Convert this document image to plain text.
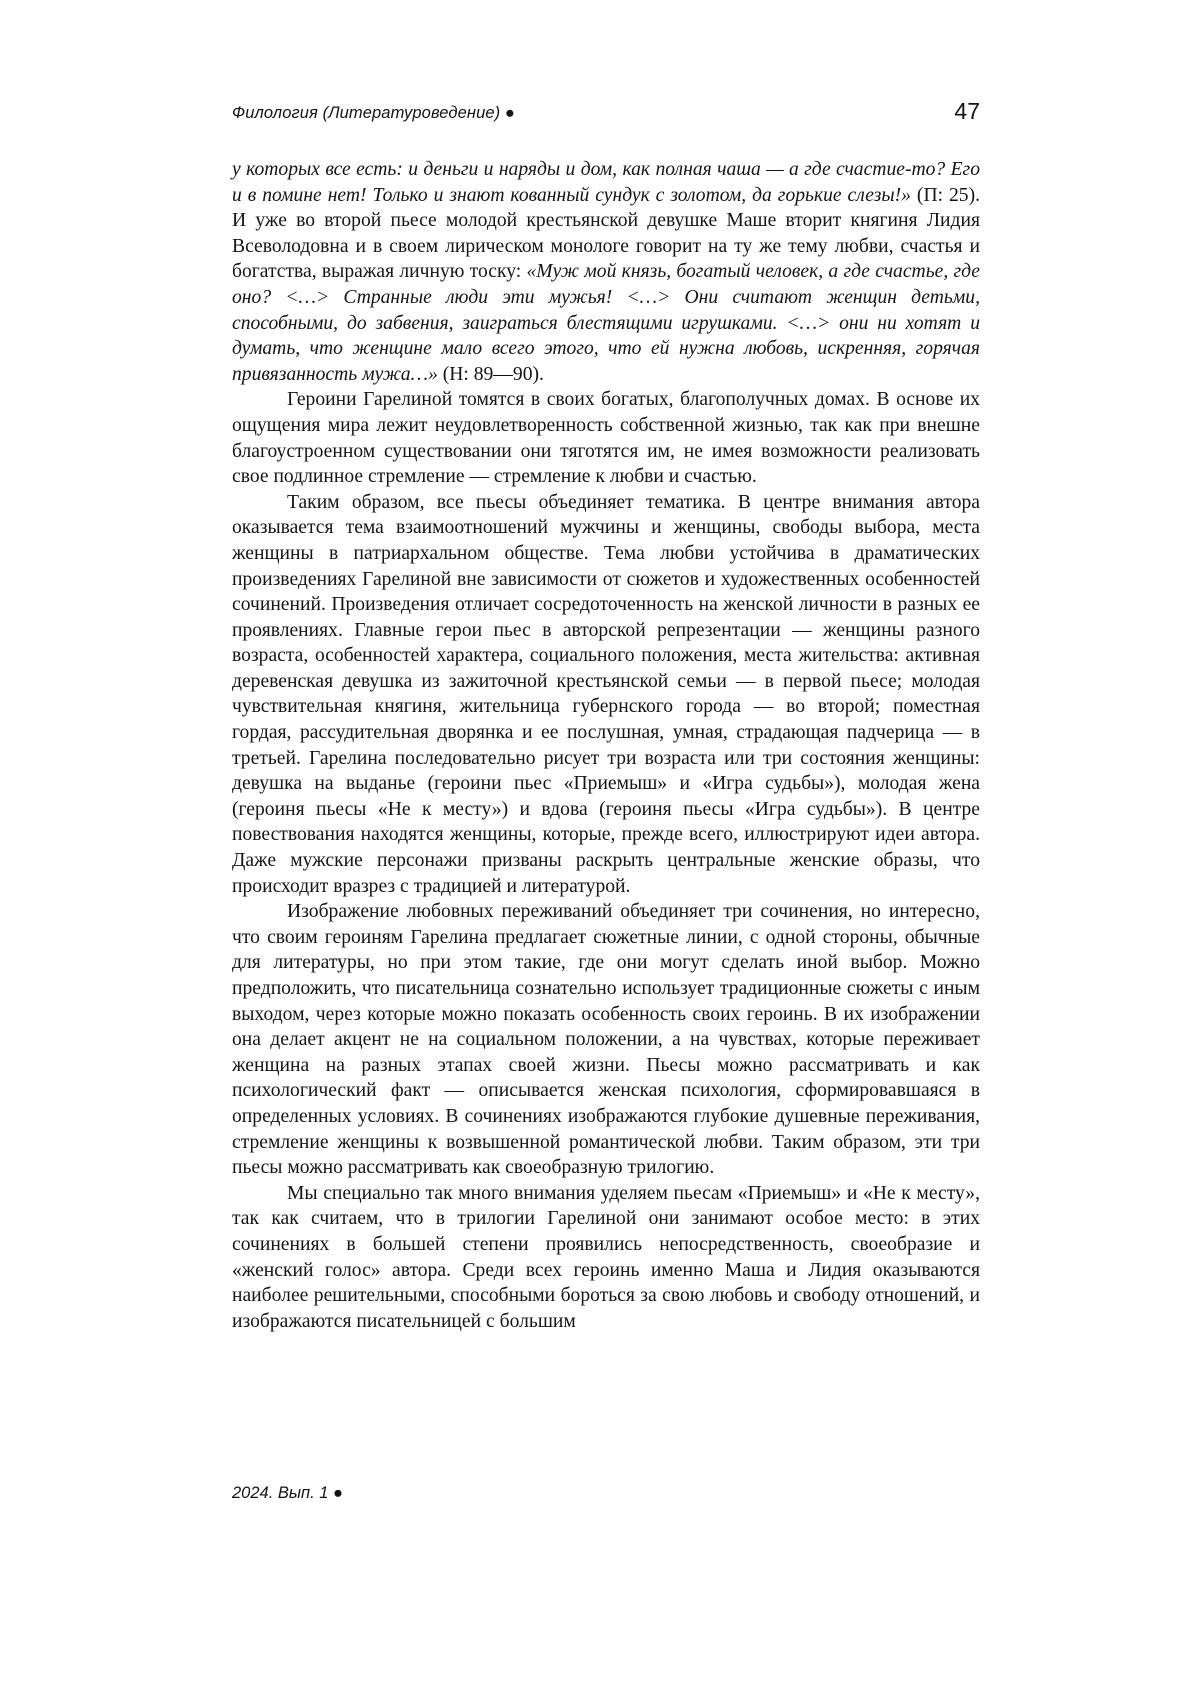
Филология (Литературоведение) ●	47

у которых все есть: и деньги и наряды и дом, как полная чаша — а где счастие-то? Его и в помине нет! Только и знают кованный сундук с золотом, да горькие слезы!» (П: 25). И уже во второй пьесе молодой крестьянской девушке Маше вторит княгиня Лидия Всеволодовна и в своем лирическом монологе говорит на ту же тему любви, счастья и богатства, выражая личную тоску: «Муж мой князь, богатый человек, а где счастье, где оно? <…> Странные люди эти мужья! <…> Они считают женщин детьми, способными, до забвения, заиграться блестящими игрушками. <…> они ни хотят и думать, что женщине мало всего этого, что ей нужна любовь, искренняя, горячая привязанность мужа…» (Н: 89—90).

Героини Гарелиной томятся в своих богатых, благополучных домах. В основе их ощущения мира лежит неудовлетворенность собственной жизнью, так как при внешне благоустроенном существовании они тяготятся им, не имея возможности реализовать свое подлинное стремление — стремление к любви и счастью.

Таким образом, все пьесы объединяет тематика. В центре внимания автора оказывается тема взаимоотношений мужчины и женщины, свободы выбора, места женщины в патриархальном обществе. Тема любви устойчива в драматических произведениях Гарелиной вне зависимости от сюжетов и художественных особенностей сочинений. Произведения отличает сосредоточенность на женской личности в разных ее проявлениях. Главные герои пьес в авторской репрезентации — женщины разного возраста, особенностей характера, социального положения, места жительства: активная деревенская девушка из зажиточной крестьянской семьи — в первой пьесе; молодая чувствительная княгиня, жительница губернского города — во второй; поместная гордая, рассудительная дворянка и ее послушная, умная, страдающая падчерица — в третьей. Гарелина последовательно рисует три возраста или три состояния женщины: девушка на выданье (героини пьес «Приемыш» и «Игра судьбы»), молодая жена (героиня пьесы «Не к месту») и вдова (героиня пьесы «Игра судьбы»). В центре повествования находятся женщины, которые, прежде всего, иллюстрируют идеи автора. Даже мужские персонажи призваны раскрыть центральные женские образы, что происходит вразрез с традицией и литературой.

Изображение любовных переживаний объединяет три сочинения, но интересно, что своим героиням Гарелина предлагает сюжетные линии, с одной стороны, обычные для литературы, но при этом такие, где они могут сделать иной выбор. Можно предположить, что писательница сознательно использует традиционные сюжеты с иным выходом, через которые можно показать особенность своих героинь. В их изображении она делает акцент не на социальном положении, а на чувствах, которые переживает женщина на разных этапах своей жизни. Пьесы можно рассматривать и как психологический факт — описывается женская психология, сформировавшаяся в определенных условиях. В сочинениях изображаются глубокие душевные переживания, стремление женщины к возвышенной романтической любви. Таким образом, эти три пьесы можно рассматривать как своеобразную трилогию.

Мы специально так много внимания уделяем пьесам «Приемыш» и «Не к месту», так как считаем, что в трилогии Гарелиной они занимают особое место: в этих сочинениях в большей степени проявились непосредственность, своеобразие и «женский голос» автора. Среди всех героинь именно Маша и Лидия оказываются наиболее решительными, способными бороться за свою любовь и свободу отношений, и изображаются писательницей с большим

2024. Вып. 1 ●
